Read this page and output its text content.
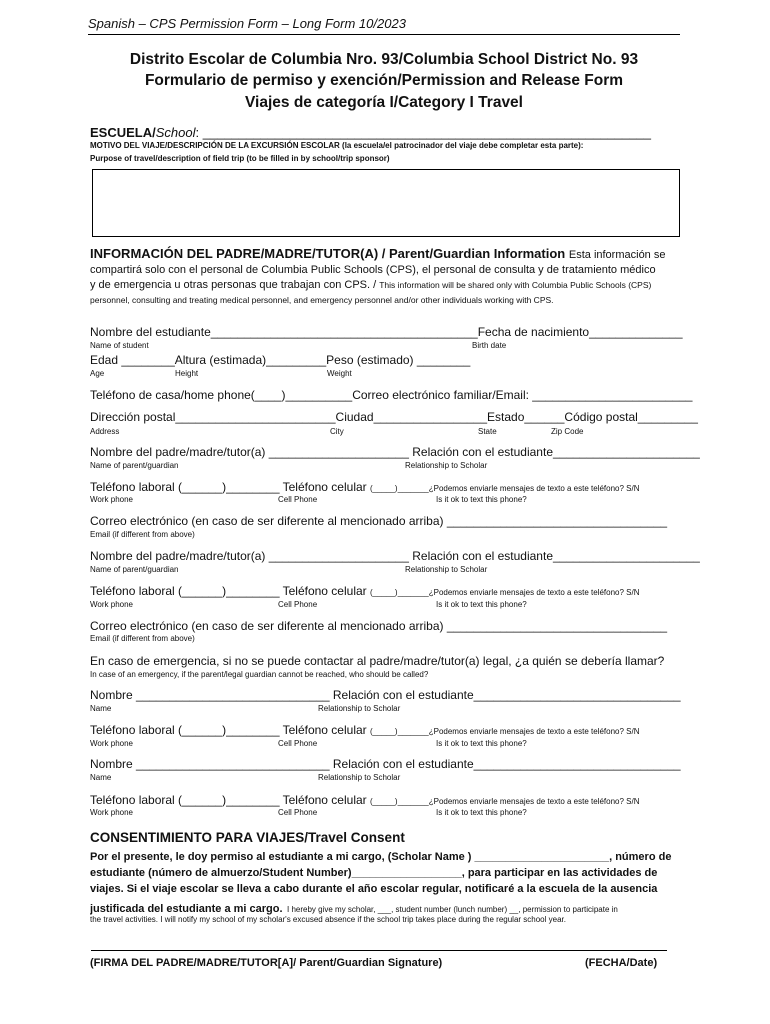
Spanish – CPS Permission Form – Long Form 10/2023
Distrito Escolar de Columbia Nro. 93/Columbia School District No. 93
Formulario de permiso y exención/Permission and Release Form
Viajes de categoría I/Category I Travel
ESCUELA/School: ______________________________________________________________
MOTIVO DEL VIAJE/DESCRIPCIÓN DE LA EXCURSIÓN ESCOLAR (la escuela/el patrocinador del viaje debe completar esta parte):
Purpose of travel/description of field trip (to be filled in by school/trip sponsor)
INFORMACIÓN DEL PADRE/MADRE/TUTOR(A) / Parent/Guardian Information Esta información se
compartirá solo con el personal de Columbia Public Schools (CPS), el personal de consulta y de tratamiento médico
y de emergencia u otras personas que trabajan con CPS. / This information will be shared only with Columbia Public Schools (CPS)
personnel, consulting and treating medical personnel, and emergency personnel and/or other individuals working with CPS.
Nombre del estudiante________________________________________Fecha de nacimiento______________
Name of student	Birth date
Edad ________Altura (estimada)_________Peso (estimado) ________
Age	Height	Weight
Teléfono de casa/home phone(____)__________Correo electrónico familiar/Email: ________________________
Dirección postal________________________Ciudad_________________Estado______Código postal_________
Address	City	State	Zip Code
Nombre del padre/madre/tutor(a) _____________________ Relación con el estudiante______________________
Name of parent/guardian	Relationship to Scholar
Teléfono laboral (______)________ Teléfono celular (_____)_______¿Podemos enviarle mensajes de texto a este teléfono? S/N
Work phone	Cell Phone	Is it ok to text this phone?
Correo electrónico (en caso de ser diferente al mencionado arriba) _________________________________
Email (if different from above)
Nombre del padre/madre/tutor(a) _____________________ Relación con el estudiante______________________
Name of parent/guardian	Relationship to Scholar
Teléfono laboral (______)________ Teléfono celular (_____)_______¿Podemos enviarle mensajes de texto a este teléfono? S/N
Work phone	Cell Phone	Is it ok to text this phone?
Correo electrónico (en caso de ser diferente al mencionado arriba) _________________________________
Email (if different from above)
En caso de emergencia, si no se puede contactar al padre/madre/tutor(a) legal, ¿a quién se debería llamar?
In case of an emergency, if the parent/legal guardian cannot be reached, who should be called?
Nombre _____________________________ Relación con el estudiante_______________________________
Name	Relationship to Scholar
Teléfono laboral (______)________ Teléfono celular (_____)_______¿Podemos enviarle mensajes de texto a este teléfono? S/N
Work phone	Cell Phone	Is it ok to text this phone?
Nombre _____________________________ Relación con el estudiante_______________________________
Name	Relationship to Scholar
Teléfono laboral (______)________ Teléfono celular (_____)_______¿Podemos enviarle mensajes de texto a este teléfono? S/N
Work phone	Cell Phone	Is it ok to text this phone?
CONSENTIMIENTO PARA VIAJES/Travel Consent
Por el presente, le doy permiso al estudiante a mi cargo, (Scholar Name ) ______________________, número de
estudiante (número de almuerzo/Student Number)__________________, para participar en las actividades de
viajes. Si el viaje escolar se lleva a cabo durante el año escolar regular, notificaré a la escuela de la ausencia
justificada del estudiante a mi cargo. I hereby give my scholar, ___, student number (lunch number) __, permission to participate in
the travel activities. I will notify my school of my scholar's excused absence if the school trip takes place during the regular school year.
(FIRMA DEL PADRE/MADRE/TUTOR[A]/ Parent/Guardian Signature)	(FECHA/Date)
